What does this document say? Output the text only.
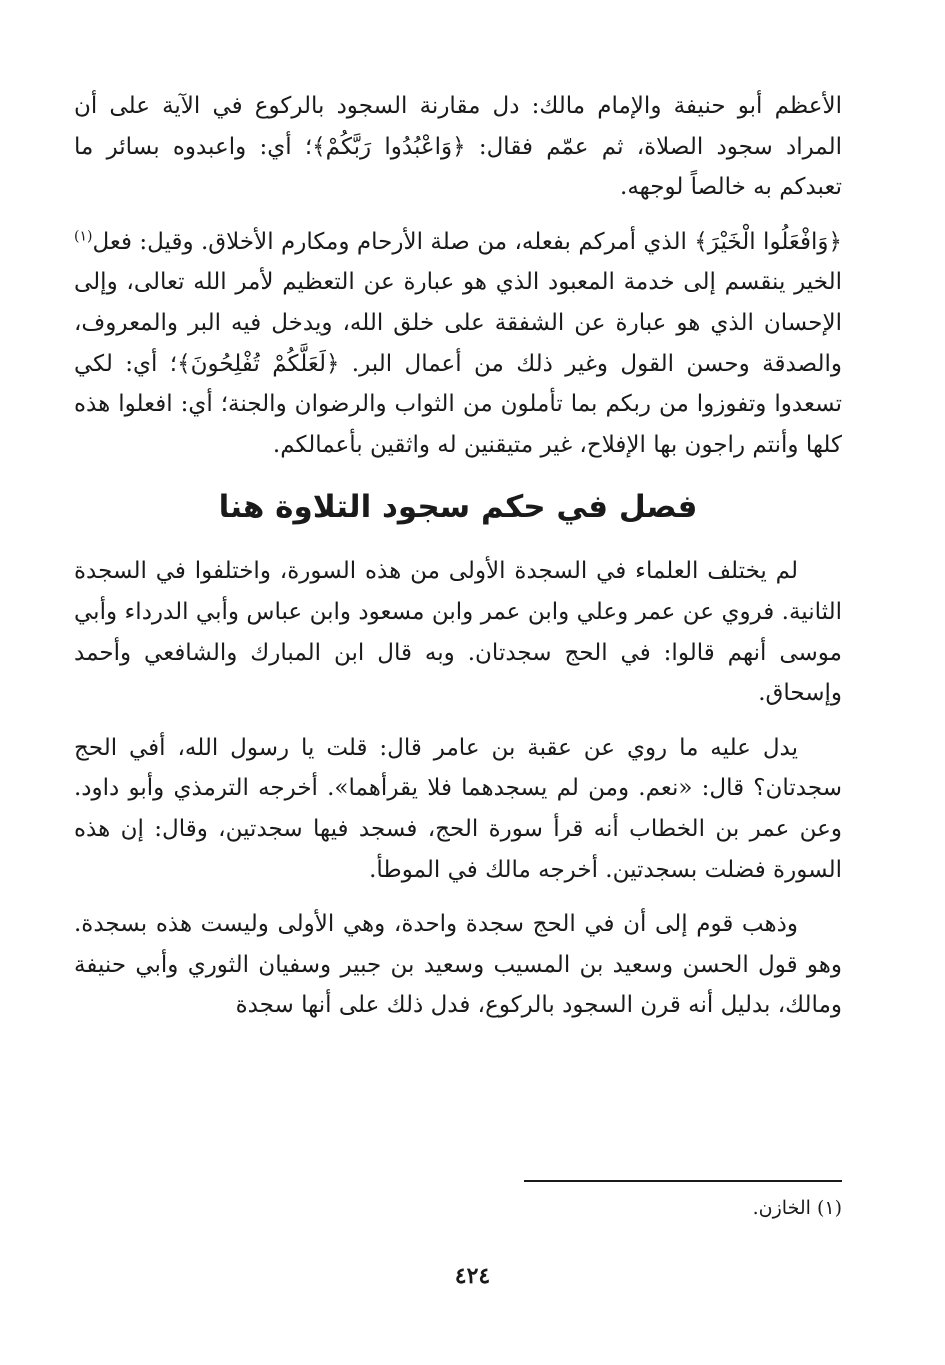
الأعظم أبو حنيفة والإمام مالك: دل مقارنة السجود بالركوع في الآية على أن المراد سجود الصلاة، ثم عمّم فقال: ﴿وَاعْبُدُوا رَبَّكُمْ﴾؛ أي: واعبدوه بسائر ما تعبدكم به خالصاً لوجهه.

﴿وَافْعَلُوا الْخَيْرَ﴾ الذي أمركم بفعله، من صلة الأرحام ومكارم الأخلاق. وقيل: فعل$^{(١)}$ الخير ينقسم إلى خدمة المعبود الذي هو عبارة عن التعظيم لأمر الله تعالى، وإلى الإحسان الذي هو عبارة عن الشفقة على خلق الله، ويدخل فيه البر والمعروف، والصدقة وحسن القول وغير ذلك من أعمال البر. ﴿لَعَلَّكُمْ تُفْلِحُونَ﴾؛ أي: لكي تسعدوا وتفوزوا من ربكم بما تأملون من الثواب والرضوان والجنة؛ أي: افعلوا هذه كلها وأنتم راجون بها الإفلاح، غير متيقنين له واثقين بأعمالكم.

فصل في حكم سجود التلاوة هنا

لم يختلف العلماء في السجدة الأولى من هذه السورة، واختلفوا في السجدة الثانية. فروي عن عمر وعلي وابن عمر وابن مسعود وابن عباس وأبي الدرداء وأبي موسى أنهم قالوا: في الحج سجدتان. وبه قال ابن المبارك والشافعي وأحمد وإسحاق.

يدل عليه ما روي عن عقبة بن عامر قال: قلت يا رسول الله، أفي الحج سجدتان؟ قال: «نعم. ومن لم يسجدهما فلا يقرأهما». أخرجه الترمذي وأبو داود. وعن عمر بن الخطاب أنه قرأ سورة الحج، فسجد فيها سجدتين، وقال: إن هذه السورة فضلت بسجدتين. أخرجه مالك في الموطأ.

وذهب قوم إلى أن في الحج سجدة واحدة، وهي الأولى وليست هذه بسجدة. وهو قول الحسن وسعيد بن المسيب وسعيد بن جبير وسفيان الثوري وأبي حنيفة ومالك، بدليل أنه قرن السجود بالركوع، فدل ذلك على أنها سجدة

(١) الخازن.
٤٢٤
